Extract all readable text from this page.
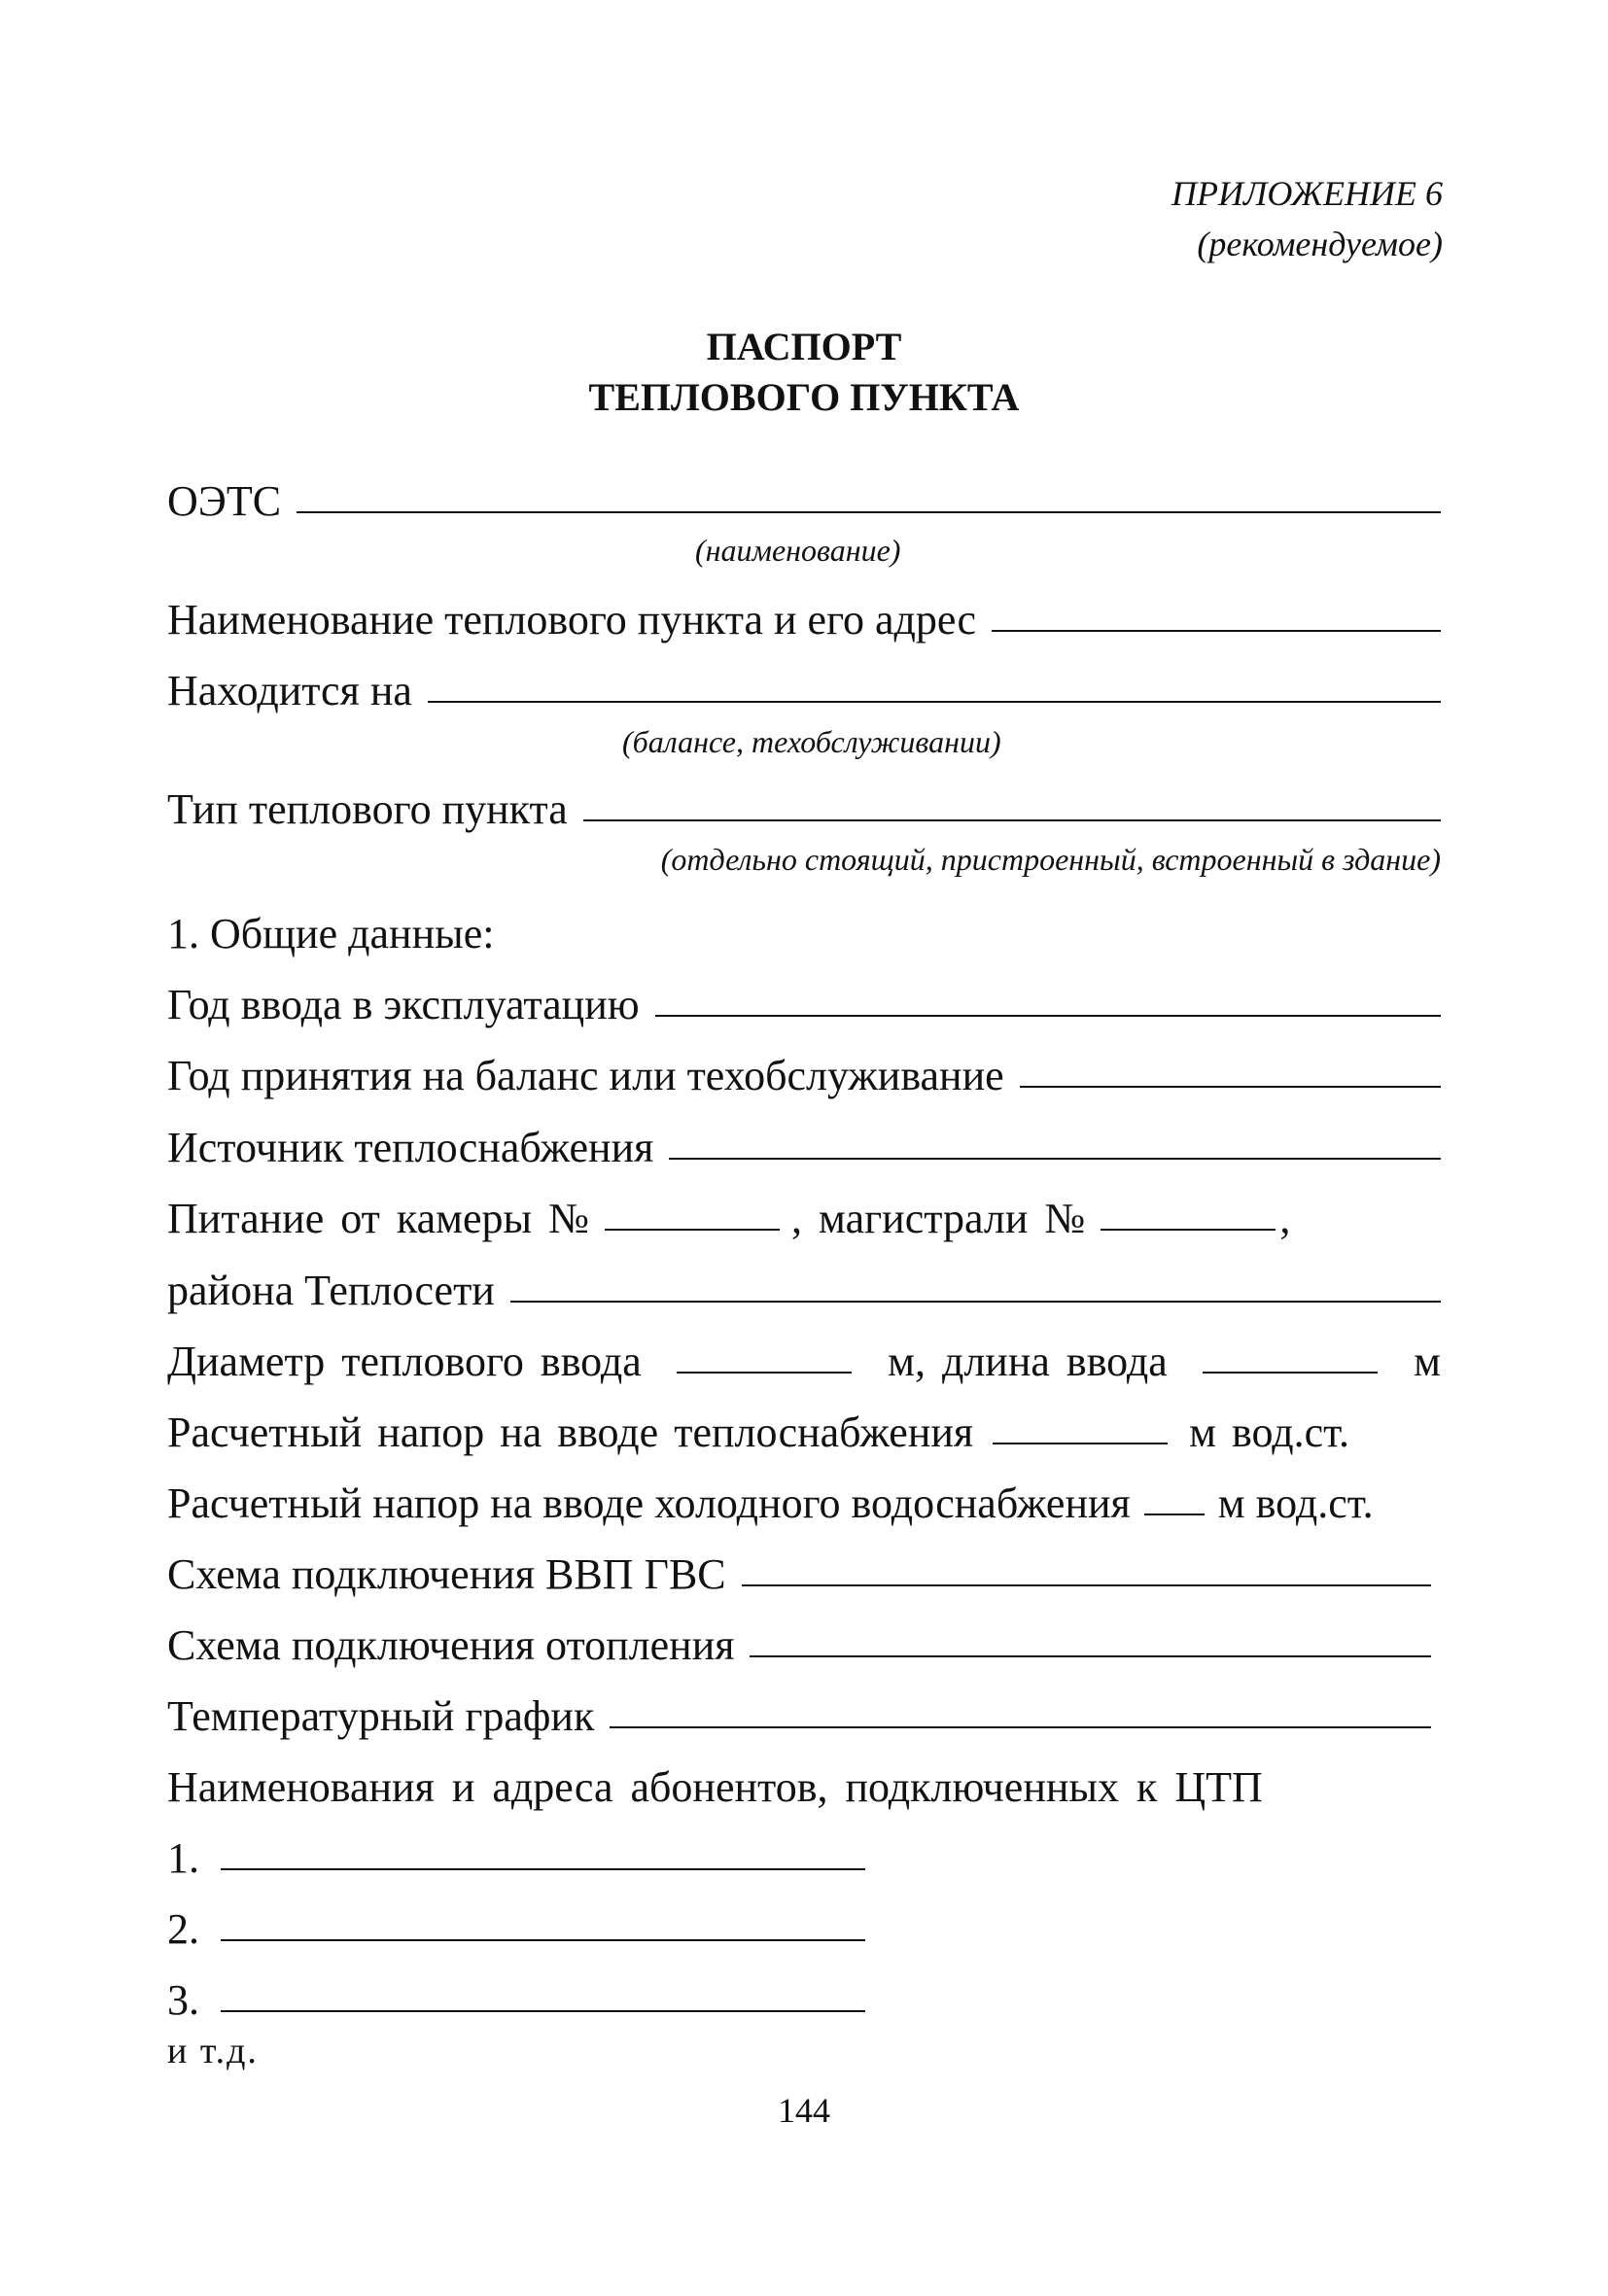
ПРИЛОЖЕНИЕ 6
(рекомендуемое)
ПАСПОРТ
ТЕПЛОВОГО ПУНКТА
ОЭТС
(наименование)
Наименование теплового пункта и его адрес
Находится на
(балансе, техобслуживании)
Тип теплового пункта
(отдельно стоящий, пристроенный, встроенный в здание)
1. Общие данные:
Год ввода в эксплуатацию
Год принятия на баланс или техобслуживание
Источник теплоснабжения
Питание от камеры №	, магистрали №	,
района Теплосети
Диаметр теплового ввода	м, длина ввода	м
Расчетный напор на вводе теплоснабжения	м вод.ст.
Расчетный напор на вводе холодного водоснабжения м вод.ст.
Схема подключения ВВП ГВС
Схема подключения отопления
Температурный график
Наименования и адреса абонентов, подключенных к ЦТП
1.
2.
3.
и т.д.
144
